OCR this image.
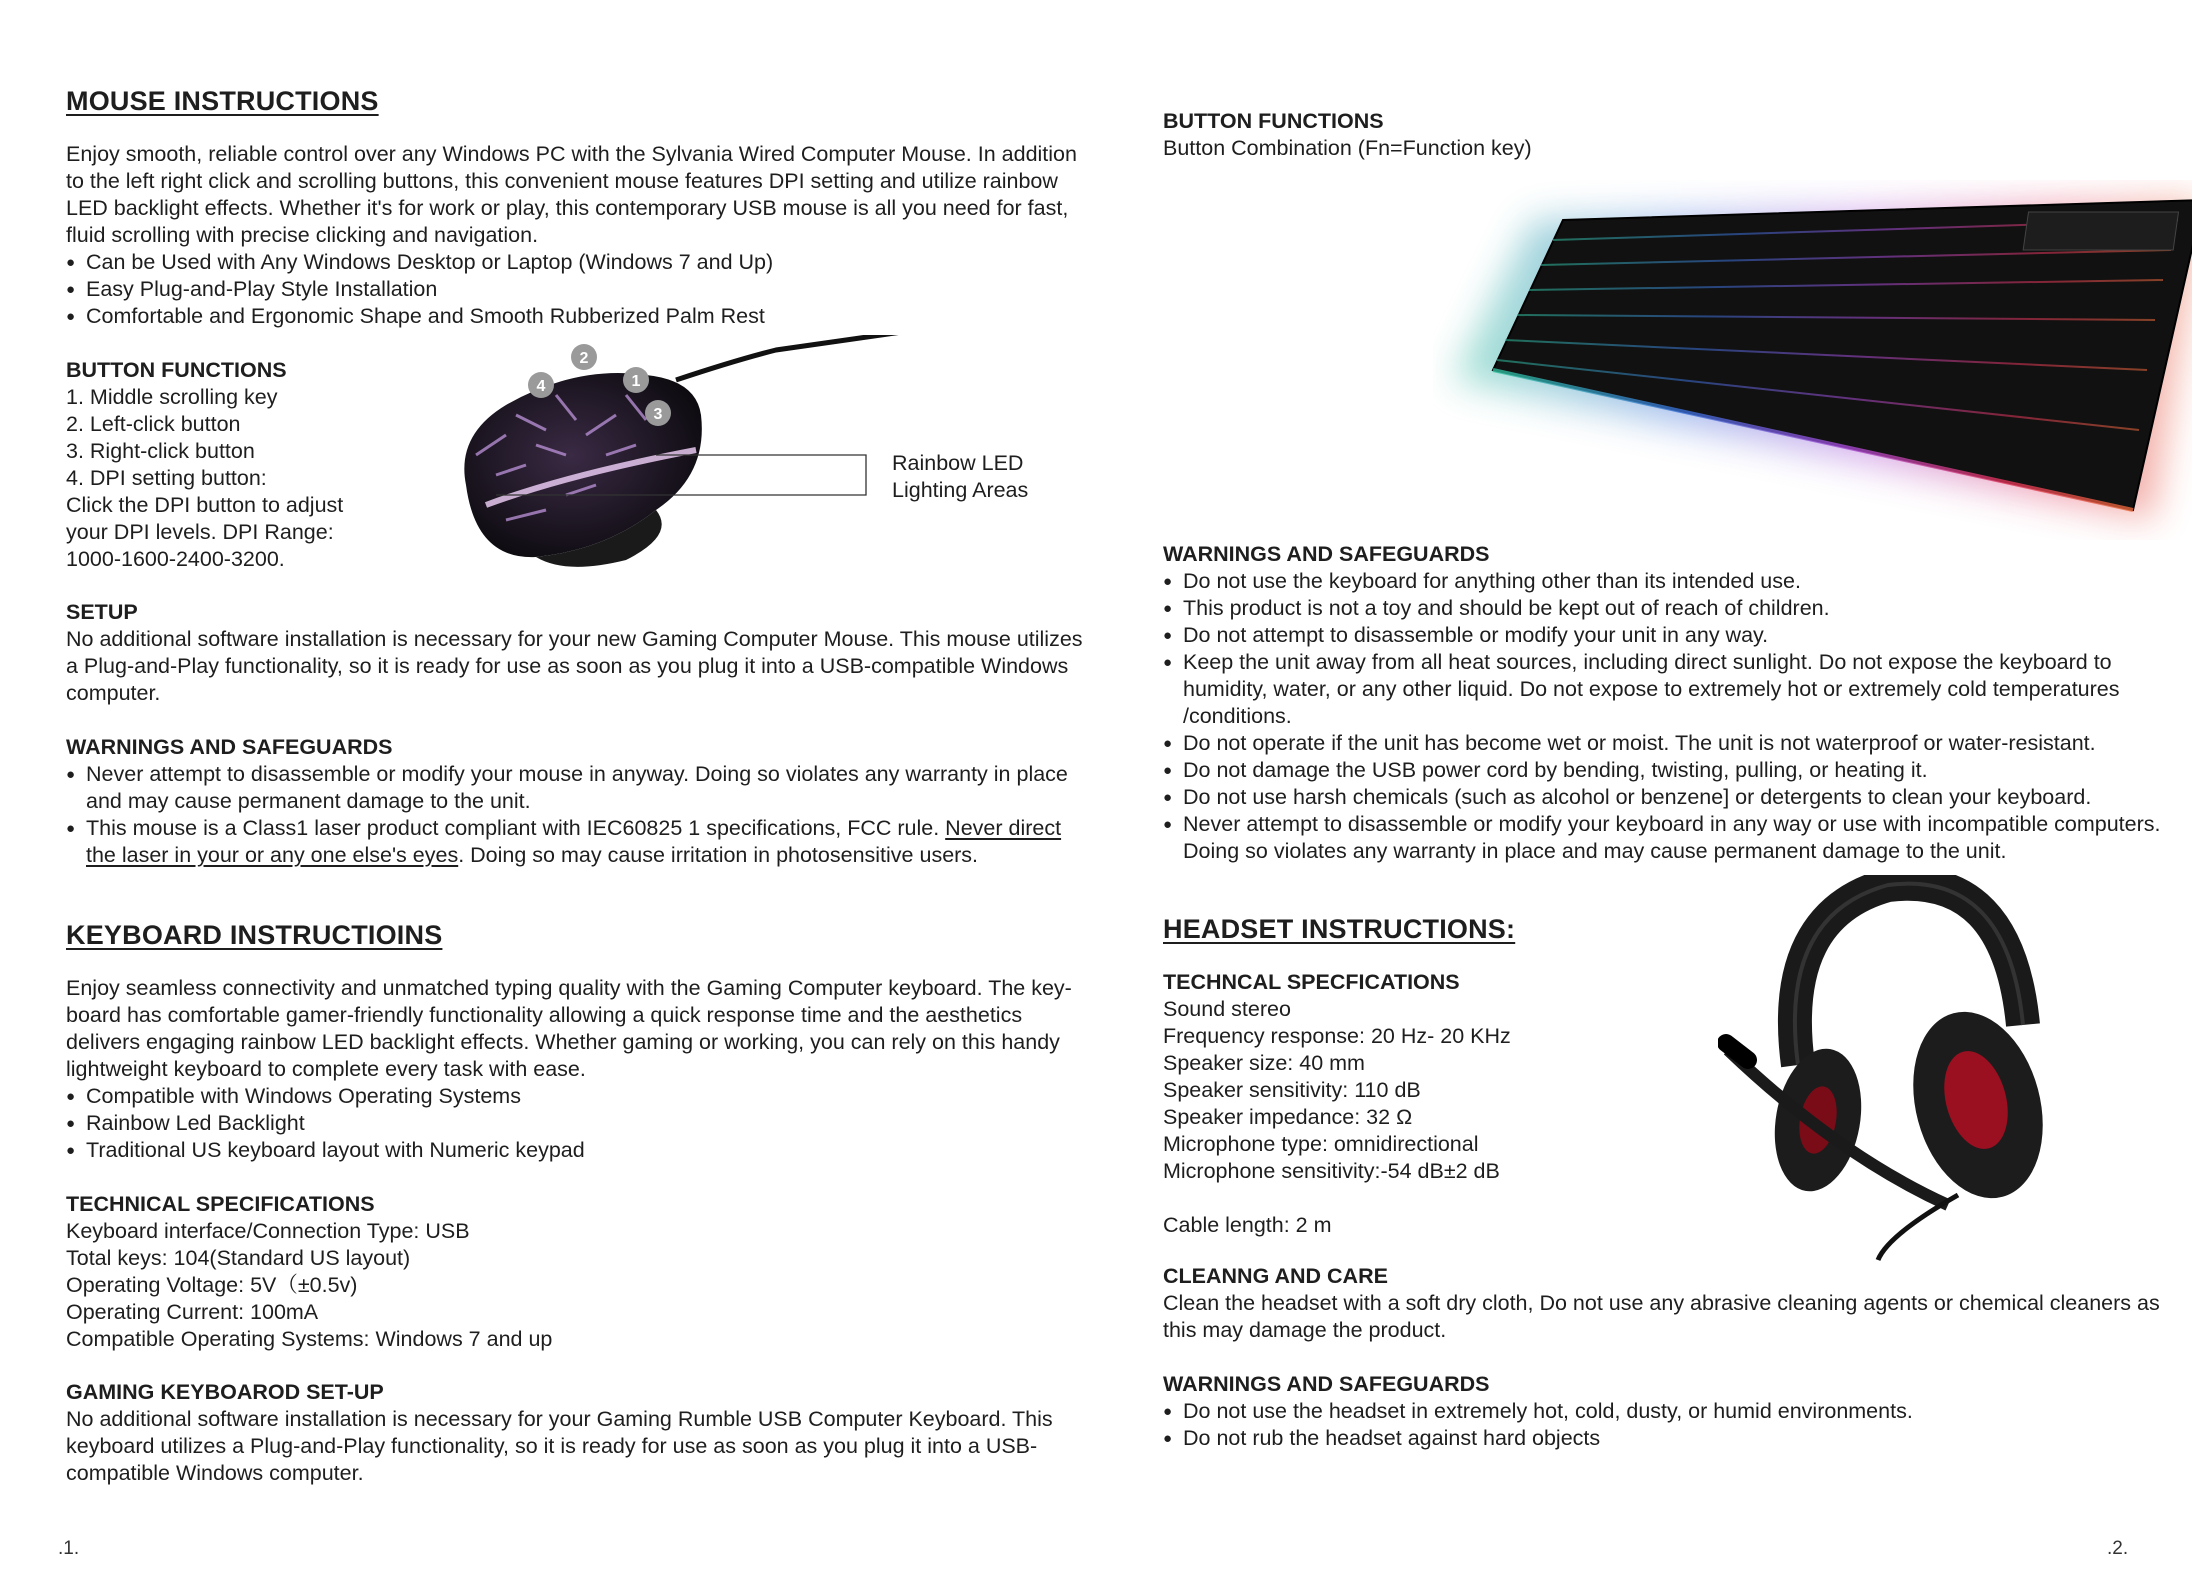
MOUSE INSTRUCTIONS

Enjoy smooth, reliable control over any Windows PC with the Sylvania Wired Computer Mouse. In addition to the left right click and scrolling buttons, this convenient mouse features DPI setting and utilize rainbow LED backlight effects. Whether it's for work or play, this contemporary USB mouse is all you need for fast, fluid scrolling with precise clicking and navigation.

● Can be Used with Any Windows Desktop or Laptop (Windows 7 and Up)
● Easy Plug-and-Play Style Installation
● Comfortable and Ergonomic Shape and Smooth Rubberized Palm Rest

BUTTON FUNCTIONS

1. Middle scrolling key

2. Left-click button

3. Right-click button

4. DPI setting button:

Click the DPI button to adjust

your DPI levels. DPI Range:

1000-1600-2400-3200.

4
2
1
3

Rainbow LED

Lighting Areas

SETUP

No additional software installation is necessary for your new Gaming Computer Mouse. This mouse utilizes a Plug-and-Play functionality, so it is ready for use as soon as you plug it into a USB-compatible Windows computer.

WARNINGS AND SAFEGUARDS

● Never attempt to disassemble or modify your mouse in anyway. Doing so violates any warranty in place and may cause permanent damage to the unit.
● This mouse is a Class1 laser product compliant with IEC60825 1 specifications, FCC rule. Never direct the laser in your or any one else's eyes. Doing so may cause irritation in photosensitive users.
KEYBOARD INSTRUCTIOINS

Enjoy seamless connectivity and unmatched typing quality with the Gaming Computer keyboard. The key-board has comfortable gamer-friendly functionality allowing a quick response time and the aesthetics delivers engaging rainbow LED backlight effects. Whether gaming or working, you can rely on this handy lightweight keyboard to complete every task with ease.

● Compatible with Windows Operating Systems
● Rainbow Led Backlight
● Traditional US keyboard layout with Numeric keypad

TECHNICAL SPECIFICATIONS

Keyboard interface/Connection Type: USB

Total keys: 104(Standard US layout)

Operating Voltage: 5V（±0.5v)

Operating Current: 100mA

Compatible Operating Systems: Windows 7 and up

GAMING KEYBOAROD SET-UP

No additional software installation is necessary for your Gaming Rumble USB Computer Keyboard. This keyboard utilizes a Plug-and-Play functionality, so it is ready for use as soon as you plug it into a USB-compatible Windows computer.

.1.

BUTTON FUNCTIONS

Button Combination (Fn=Function key)

WARNINGS AND SAFEGUARDS

● Do not use the keyboard for anything other than its intended use.
● This product is not a toy and should be kept out of reach of children.
● Do not attempt to disassemble or modify your unit in any way.
● Keep the unit away from all heat sources, including direct sunlight. Do not expose the keyboard to humidity, water, or any other liquid. Do not expose to extremely hot or extremely cold temperatures /conditions.
● Do not operate if the unit has become wet or moist. The unit is not waterproof or water-resistant.
● Do not damage the USB power cord by bending, twisting, pulling, or heating it.
● Do not use harsh chemicals (such as alcohol or benzene] or detergents to clean your keyboard.
● Never attempt to disassemble or modify your keyboard in any way or use with incompatible computers. Doing so violates any warranty in place and may cause permanent damage to the unit.
HEADSET INSTRUCTIONS:

TECHNCAL SPECFICATIONS

Sound stereo

Frequency response: 20 Hz- 20 KHz

Speaker size: 40 mm

Speaker sensitivity: 110 dB

Speaker impedance: 32 Ω

Microphone type: omnidirectional

Microphone sensitivity:-54 dB±2 dB

Cable length: 2 m

CLEANNG AND CARE

Clean the headset with a soft dry cloth, Do not use any abrasive cleaning agents or chemical cleaners as this may damage the product.

WARNINGS AND SAFEGUARDS

● Do not use the headset in extremely hot, cold, dusty, or humid environments.
● Do not rub the headset against hard objects
.2.
